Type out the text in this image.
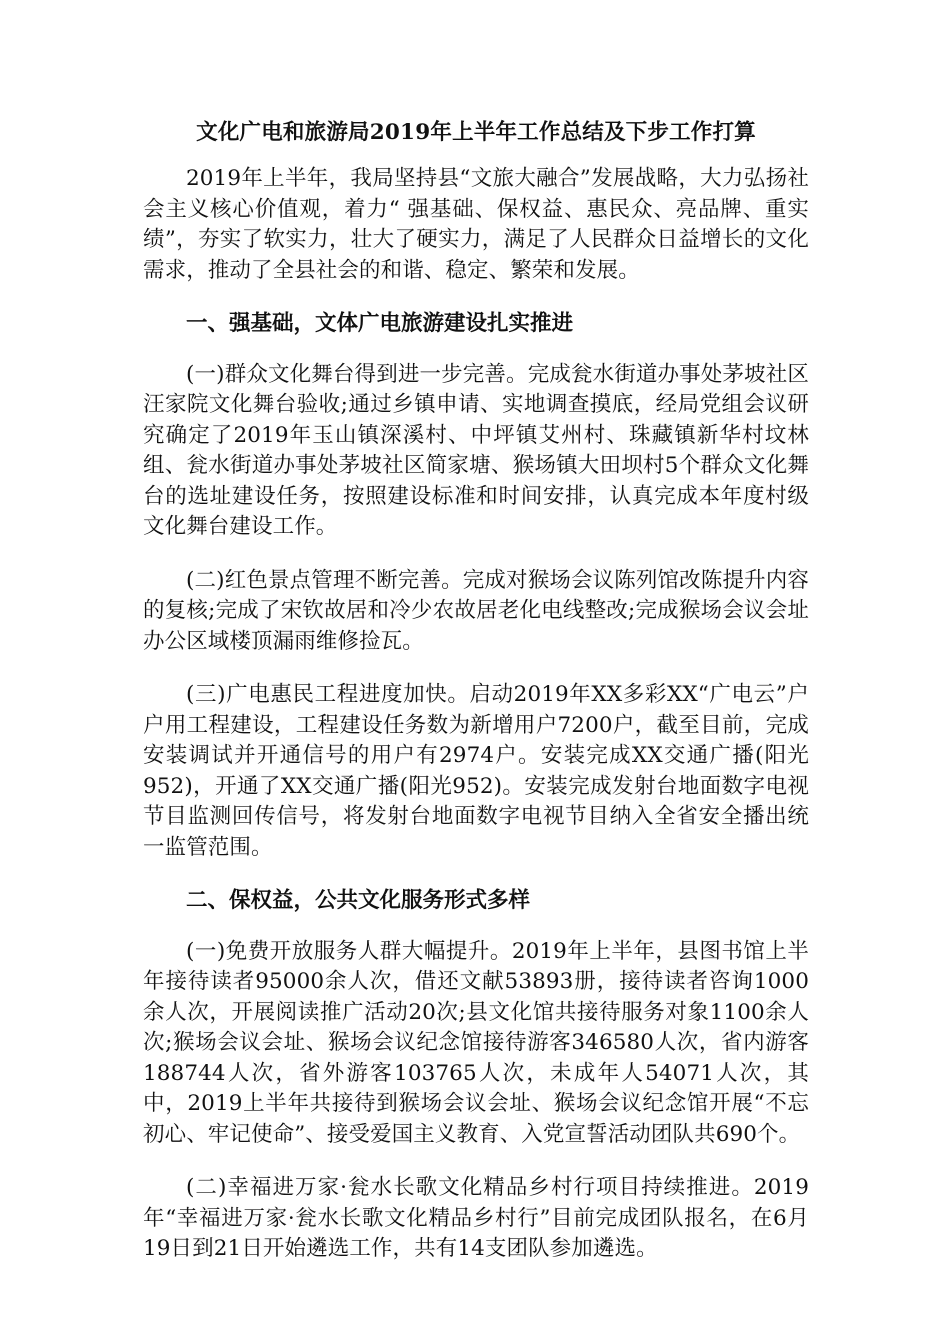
文化广电和旅游局2019年上半年工作总结及下步工作打算

2019年上半年，我局坚持县“文旅大融合”发展战略，大力弘扬社会主义核心价值观，着力“ 强基础、保权益、惠民众、亮品牌、重实绩”，夯实了软实力，壮大了硬实力，满足了人民群众日益增长的文化需求，推动了全县社会的和谐、稳定、繁荣和发展。

一、强基础，文体广电旅游建设扎实推进

(一)群众文化舞台得到进一步完善。完成瓮水街道办事处茅坡社区汪家院文化舞台验收;通过乡镇申请、实地调查摸底，经局党组会议研究确定了2019年玉山镇深溪村、中坪镇艾州村、珠藏镇新华村坟林组、瓮水街道办事处茅坡社区简家塘、猴场镇大田坝村5个群众文化舞台的选址建设任务，按照建设标准和时间安排，认真完成本年度村级文化舞台建设工作。

(二)红色景点管理不断完善。完成对猴场会议陈列馆改陈提升内容的复核;完成了宋钦故居和冷少农故居老化电线整改;完成猴场会议会址办公区域楼顶漏雨维修捡瓦。

(三)广电惠民工程进度加快。启动2019年XX多彩XX“广电云”户户用工程建设，工程建设任务数为新增用户7200户，截至目前，完成安装调试并开通信号的用户有2974户。安装完成XX交通广播(阳光952)，开通了XX交通广播(阳光952)。安装完成发射台地面数字电视节目监测回传信号，将发射台地面数字电视节目纳入全省安全播出统一监管范围。

二、保权益，公共文化服务形式多样

(一)免费开放服务人群大幅提升。2019年上半年，县图书馆上半年接待读者95000余人次，借还文献53893册，接待读者咨询1000余人次，开展阅读推广活动20次;县文化馆共接待服务对象1100余人次;猴场会议会址、猴场会议纪念馆接待游客346580人次，省内游客188744人次，省外游客103765人次，未成年人54071人次，其中，2019上半年共接待到猴场会议会址、猴场会议纪念馆开展“不忘初心、牢记使命”、接受爱国主义教育、入党宣誓活动团队共690个。

(二)幸福进万家·瓮水长歌文化精品乡村行项目持续推进。2019年“幸福进万家·瓮水长歌文化精品乡村行”目前完成团队报名，在6月19日到21日开始遴选工作，共有14支团队参加遴选。
